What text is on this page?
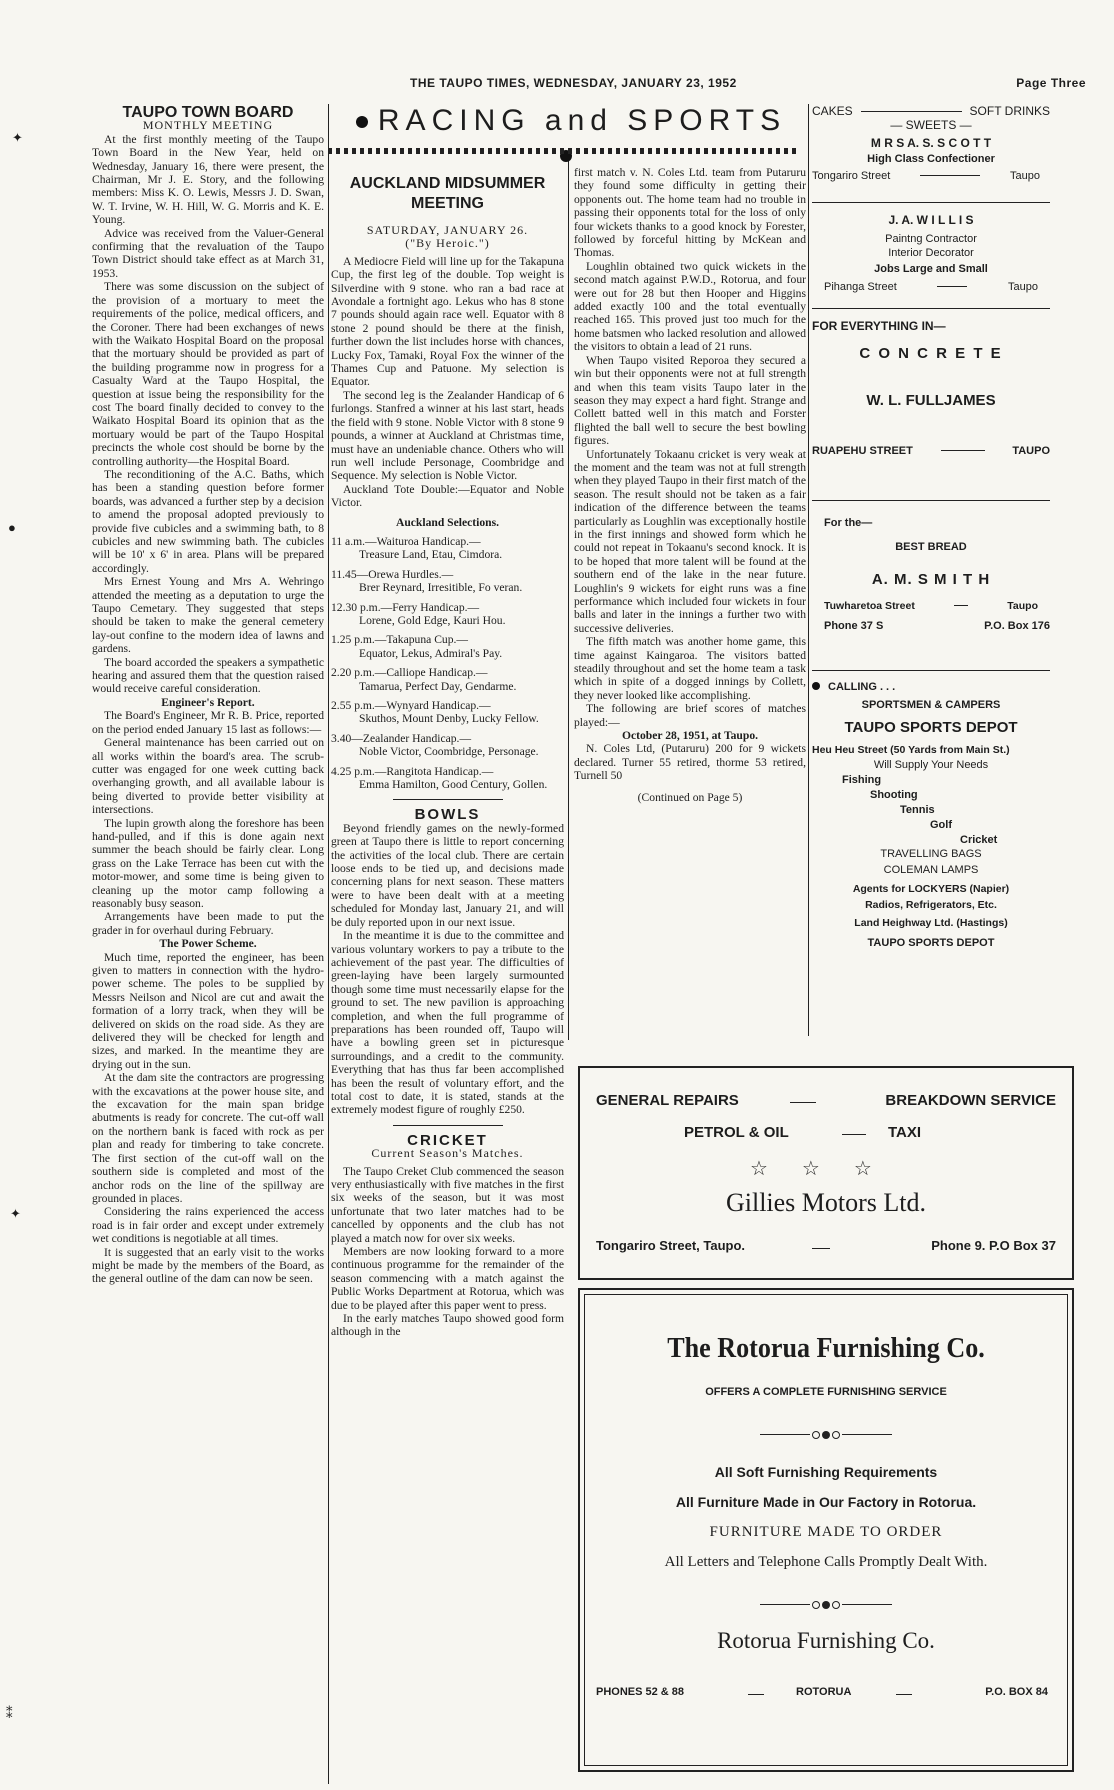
THE TAUPO TIMES, WEDNESDAY, JANUARY 23, 1952	Page Three
✦
●
✦
⁑

TAUPO TOWN BOARD

MONTHLY MEETING

At the first monthly meeting of the Taupo Town Board in the New Year, held on Wednesday, January 16, there were present, the Chairman, Mr J. E. Story, and the following members: Miss K. O. Lewis, Messrs J. D. Swan, W. T. Irvine, W. H. Hill, W. G. Morris and K. E. Young.

Advice was received from the Valuer-General confirming that the revaluation of the Taupo Town District should take effect as at March 31, 1953.

There was some discussion on the subject of the provision of a mortuary to meet the requirements of the police, medical officers, and the Coroner. There had been exchanges of news with the Waikato Hospital Board on the proposal that the mortuary should be provided as part of the building programme now in progress for a Casualty Ward at the Taupo Hospital, the question at issue being the responsibility for the cost The board finally decided to convey to the Waikato Hospital Board its opinion that as the mortuary would be part of the Taupo Hospital precincts the whole cost should be borne by the controlling authority—the Hospital Board.

The reconditioning of the A.C. Baths, which has been a standing question before former boards, was advanced a further step by a decision to amend the proposal adopted previously to provide five cubicles and a swimming bath, to 8 cubicles and new swimming bath. The cubicles will be 10' x 6' in area. Plans will be prepared accordingly.

Mrs Ernest Young and Mrs A. Wehringo attended the meeting as a deputation to urge the Taupo Cemetary. They suggested that steps should be taken to make the general cemetery lay-out confine to the modern idea of lawns and gardens.

The board accorded the speakers a sympathetic hearing and assured them that the question raised would receive careful consideration.

Engineer's Report.

The Board's Engineer, Mr R. B. Price, reported on the period ended January 15 last as follows:—

General maintenance has been carried out on all works within the board's area. The scrub-cutter was engaged for one week cutting back overhanging growth, and all available labour is being diverted to provide better visibility at intersections.

The lupin growth along the foreshore has been hand-pulled, and if this is done again next summer the beach should be fairly clear. Long grass on the Lake Terrace has been cut with the motor-mower, and some time is being given to cleaning up the motor camp following a reasonably busy season.

Arrangements have been made to put the grader in for overhaul during February.

The Power Scheme.

Much time, reported the engineer, has been given to matters in connection with the hydro-power scheme. The poles to be supplied by Messrs Neilson and Nicol are cut and await the formation of a lorry track, when they will be delivered on skids on the road side. As they are delivered they will be checked for length and sizes, and marked. In the meantime they are drying out in the sun.

At the dam site the contractors are progressing with the excavations at the power house site, and the excavation for the main span bridge abutments is ready for concrete. The cut-off wall on the northern bank is faced with rock as per plan and ready for timbering to take concrete. The first section of the cut-off wall on the southern side is completed and most of the anchor rods on the line of the spillway are grounded in places.

Considering the rains experienced the access road is in fair order and except under extremely wet conditions is negotiable at all times.

It is suggested that an early visit to the works might be made by the members of the Board, as the general outline of the dam can now be seen.

RACING and SPORTS

AUCKLAND MIDSUMMER MEETING

SATURDAY, JANUARY 26.

("By Heroic.")

A Mediocre Field will line up for the Takapuna Cup, the first leg of the double. Top weight is Silverdine with 9 stone. who ran a bad race at Avondale a fortnight ago. Lekus who has 8 stone 7 pounds should again race well. Equator with 8 stone 2 pound should be there at the finish, further down the list includes horse with chances, Lucky Fox, Tamaki, Royal Fox the winner of the Thames Cup and Patuone. My selection is Equator.

The second leg is the Zealander Handicap of 6 furlongs. Stanfred a winner at his last start, heads the field with 9 stone. Noble Victor with 8 stone 9 pounds, a winner at Auckland at Christmas time, must have an undeniable chance. Others who will run well include Personage, Coombridge and Sequence. My selection is Noble Victor.

Auckland Tote Double:—Equator and Noble Victor.

Auckland Selections.

11 a.m.—Waituroa Handicap.—

Treasure Land, Etau, Cimdora.

11.45—Orewa Hurdles.—

Brer Reynard, Irresitible, Fo veran.

12.30 p.m.—Ferry Handicap.—

Lorene, Gold Edge, Kauri Hou.

1.25 p.m.—Takapuna Cup.—

Equator, Lekus, Admiral's Pay.

2.20 p.m.—Calliope Handicap.—

Tamarua, Perfect Day, Gendarme.

2.55 p.m.—Wynyard Handicap.—

Skuthos, Mount Denby, Lucky Fellow.

3.40—Zealander Handicap.—

Noble Victor, Coombridge, Personage.

4.25 p.m.—Rangitota Handicap.—

Emma Hamilton, Good Century, Gollen.

BOWLS

Beyond friendly games on the newly-formed green at Taupo there is little to report concerning the activities of the local club. There are certain loose ends to be tied up, and decisions made concerning plans for next season. These matters were to have been dealt with at a meeting scheduled for Monday last, January 21, and will be duly reported upon in our next issue.

In the meantime it is due to the committee and various voluntary workers to pay a tribute to the achievement of the past year. The difficulties of green-laying have been largely surmounted though some time must necessarily elapse for the ground to set. The new pavilion is approaching completion, and when the full programme of preparations has been rounded off, Taupo will have a bowling green set in picturesque surroundings, and a credit to the community. Everything that has thus far been accomplished has been the result of voluntary effort, and the total cost to date, it is stated, stands at the extremely modest figure of roughly £250.

CRICKET

Current Season's Matches.

The Taupo Creket Club commenced the season very enthusiastically with five matches in the first six weeks of the season, but it was most unfortunate that two later matches had to be cancelled by opponents and the club has not played a match now for over six weeks.

Members are now looking forward to a more continuous programme for the remainder of the season commencing with a match against the Public Works Department at Rotorua, which was due to be played after this paper went to press.

In the early matches Taupo showed good form although in the

first match v. N. Coles Ltd. team from Putaruru they found some difficulty in getting their opponents out. The home team had no trouble in passing their opponents total for the loss of only four wickets thanks to a good knock by Forester, followed by forceful hitting by McKean and Thomas.

Loughlin obtained two quick wickets in the second match against P.W.D., Rotorua, and four were out for 28 but then Hooper and Higgins added exactly 100 and the total eventually reached 165. This proved just too much for the home batsmen who lacked resolution and allowed the visitors to obtain a lead of 21 runs.

When Taupo visited Reporoa they secured a win but their opponents were not at full strength and when this team visits Taupo later in the season they may expect a hard fight. Strange and Collett batted well in this match and Forster flighted the ball well to secure the best bowling figures.

Unfortunately Tokaanu cricket is very weak at the moment and the team was not at full strength when they played Taupo in their first match of the season. The result should not be taken as a fair indication of the difference between the teams particularly as Loughlin was exceptionally hostile in the first innings and showed form which he could not repeat in Tokaanu's second knock. It is to be hoped that more talent will be found at the southern end of the lake in the near future. Loughlin's 9 wickets for eight runs was a fine performance which included four wickets in four balls and later in the innings a further two with successive deliveries.

The fifth match was another home game, this time against Kaingaroa. The visitors batted steadily throughout and set the home team a task which in spite of a dogged innings by Collett, they never looked like accomplishing.

The following are brief scores of matches played:—

October 28, 1951, at Taupo.

N. Coles Ltd, (Putaruru) 200 for 9 wickets declared. Turner 55 retired, thorme 53 retired, Turnell 50

(Continued on Page 5)

CAKES	SOFT DRINKS
— SWEETS —
M R S A. S. S C O T T
High Class Confectioner
Tongariro Street	Taupo
J. A. W I L L I S
Paintng Contractor
Interior Decorator
Jobs Large and Small
Pihanga Street	Taupo
FOR EVERYTHING IN—
C O N C R E T E
W. L. FULLJAMES
RUAPEHU STREET	TAUPO
For the—
BEST BREAD
A. M. S M I T H
Tuwharetoa Street	Taupo
Phone 37 S	P.O. Box 176
CALLING . . .
SPORTSMEN & CAMPERS
TAUPO SPORTS DEPOT
Heu Heu Street (50 Yards from Main St.)
Will Supply Your Needs
Fishing
Shooting
Tennis
Golf
Cricket
TRAVELLING BAGS
COLEMAN LAMPS
Agents for LOCKYERS (Napier)
Radios, Refrigerators, Etc.
Land Heighway Ltd. (Hastings)
TAUPO SPORTS DEPOT
GENERAL REPAIRS	BREAKDOWN SERVICE
PETROL & OIL	TAXI
☆☆☆
Gillies Motors Ltd.
Tongariro Street, Taupo.	Phone 9. P.O Box 37
The Rotorua Furnishing Co.
OFFERS A COMPLETE FURNISHING SERVICE
All Soft Furnishing Requirements
All Furniture Made in Our Factory in Rotorua.
FURNITURE MADE TO ORDER
All Letters and Telephone Calls Promptly Dealt With.
Rotorua Furnishing Co.
PHONES 52 & 88	ROTORUA	P.O. BOX 84
